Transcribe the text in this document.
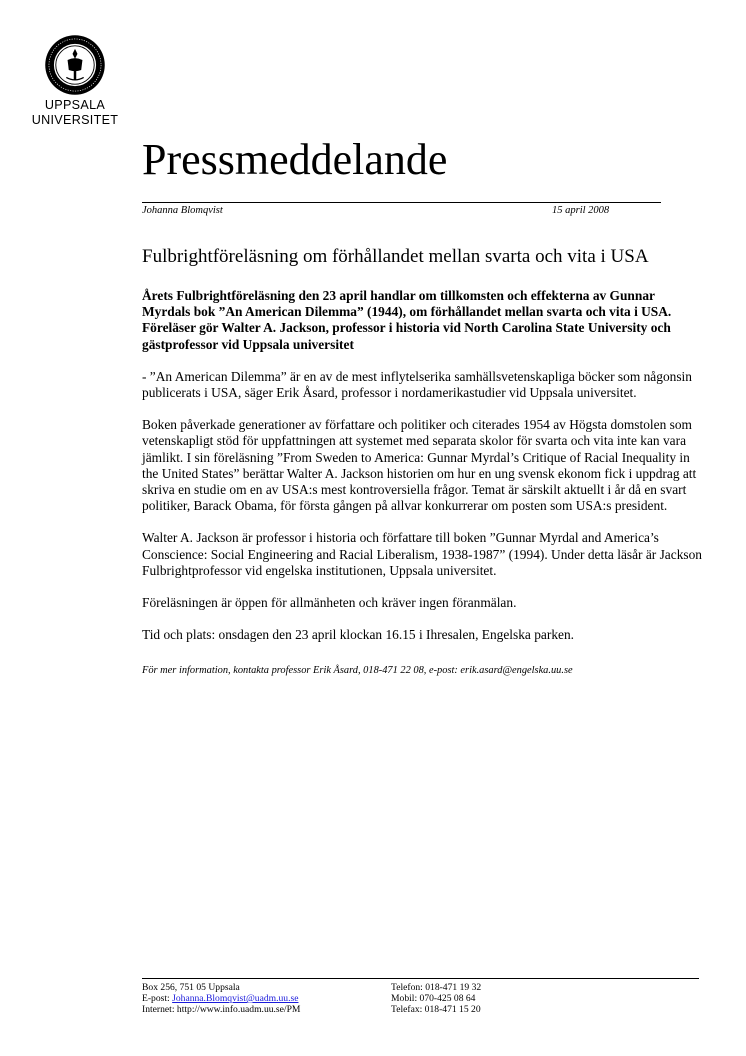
UPPSALA
UNIVERSITET
Pressmeddelande
Johanna Blomqvist	15 april 2008
Fulbrightföreläsning om förhållandet mellan svarta och vita i USA

Årets Fulbrightföreläsning den 23 april handlar om tillkomsten och effekterna av Gunnar Myrdals bok ”An American Dilemma” (1944), om förhållandet mellan svarta och vita i USA. Föreläser gör Walter A. Jackson, professor i historia vid North Carolina State University och gästprofessor vid Uppsala universitet

- ”An American Dilemma” är en av de mest inflytelserika samhällsvetenskapliga böcker som någonsin publicerats i USA, säger Erik Åsard, professor i nordamerikastudier vid Uppsala universitet.

Boken påverkade generationer av författare och politiker och citerades 1954 av Högsta domstolen som vetenskapligt stöd för uppfattningen att systemet med separata skolor för svarta och vita inte kan vara jämlikt. I sin föreläsning ”From Sweden to America: Gunnar Myrdal’s Critique of Racial Inequality in the United States” berättar Walter A. Jackson historien om hur en ung svensk ekonom fick i uppdrag att skriva en studie om en av USA:s mest kontroversiella frågor. Temat är särskilt aktuellt i år då en svart politiker, Barack Obama, för första gången på allvar konkurrerar om posten som USA:s president.

Walter A. Jackson är professor i historia och författare till boken ”Gunnar Myrdal and America’s Conscience: Social Engineering and Racial Liberalism, 1938-1987” (1994). Under detta läsår är Jackson Fulbrightprofessor vid engelska institutionen, Uppsala universitet.

Föreläsningen är öppen för allmänheten och kräver ingen föranmälan.

Tid och plats: onsdagen den 23 april klockan 16.15 i Ihresalen, Engelska parken.

För mer information, kontakta professor Erik Åsard, 018-471 22 08, e-post: erik.asard@engelska.uu.se

Box 256, 751 05 Uppsala
E-post: Johanna.Blomqvist@uadm.uu.se
Internet: http://www.info.uadm.uu.se/PM
Telefon: 018-471 19 32
Mobil: 070-425 08 64
Telefax: 018-471 15 20
